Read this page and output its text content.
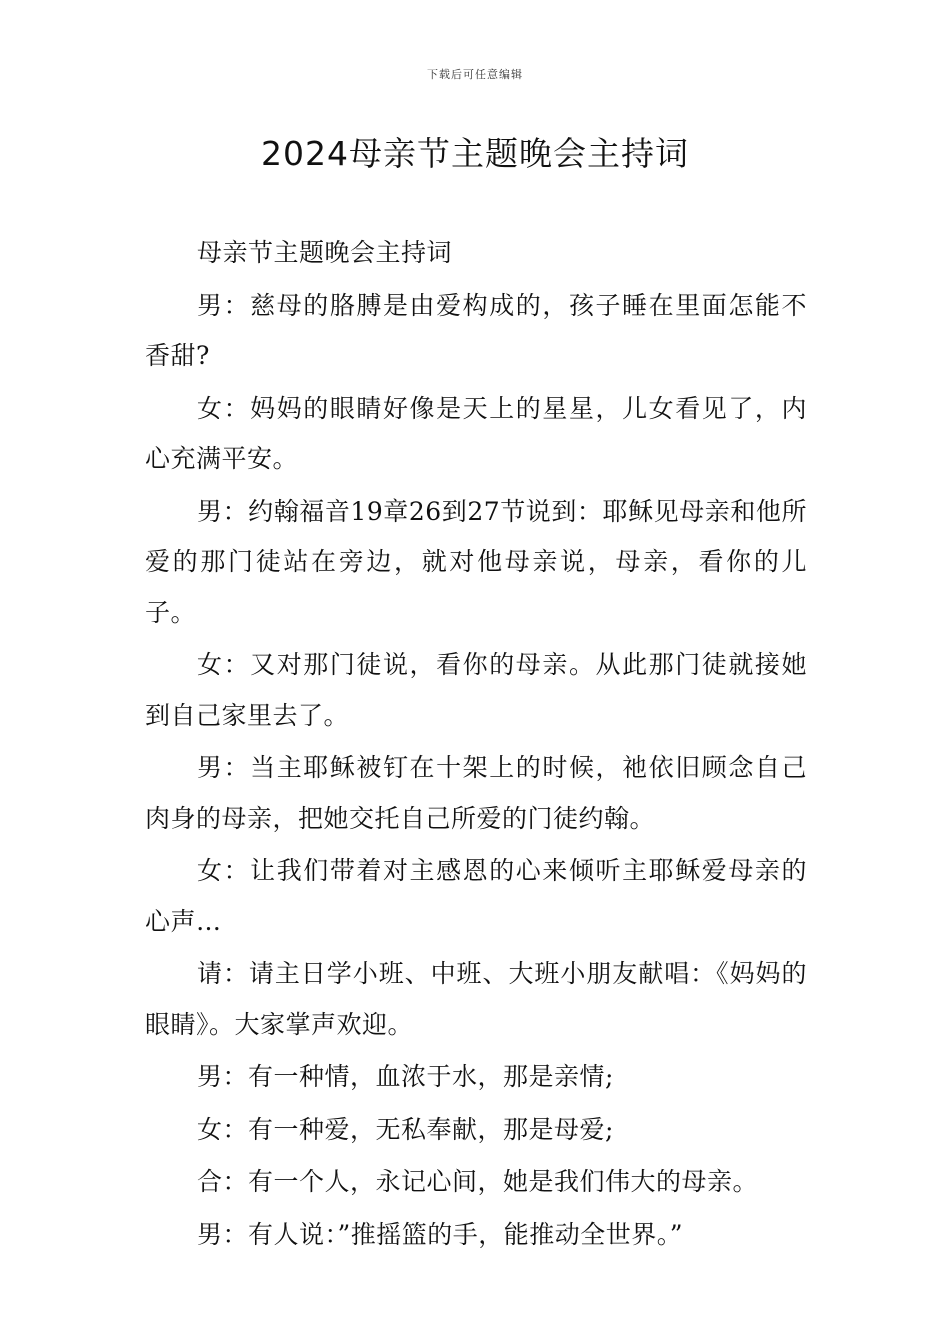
下载后可任意编辑
2024母亲节主题晚会主持词

母亲节主题晚会主持词

男：慈母的胳膊是由爱构成的，孩子睡在里面怎能不香甜?

女：妈妈的眼睛好像是天上的星星，儿女看见了，内心充满平安。

男：约翰福音19章26到27节说到：耶稣见母亲和他所爱的那门徒站在旁边，就对他母亲说，母亲，看你的儿子。

女：又对那门徒说，看你的母亲。从此那门徒就接她到自己家里去了。

男：当主耶稣被钉在十架上的时候，祂依旧顾念自己肉身的母亲，把她交托自己所爱的门徒约翰。

女：让我们带着对主感恩的心来倾听主耶稣爱母亲的心声…

请：请主日学小班、中班、大班小朋友献唱：《妈妈的眼睛》。大家掌声欢迎。

男：有一种情，血浓于水，那是亲情;

女：有一种爱，无私奉献，那是母爱;

合：有一个人，永记心间，她是我们伟大的母亲。

男：有人说：”推摇篮的手，能推动全世界。”
